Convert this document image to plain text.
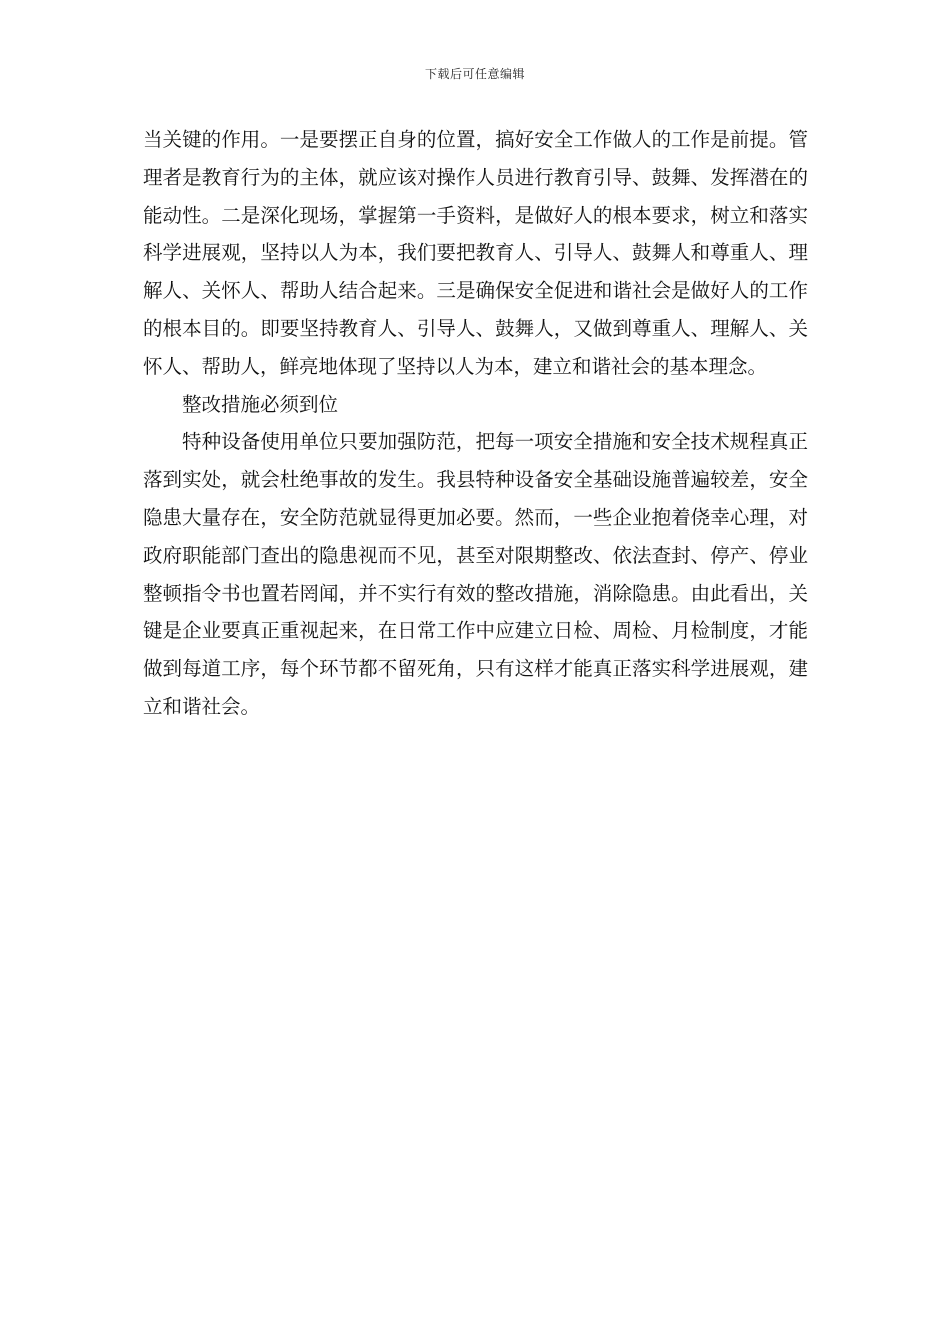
下载后可任意编辑

当关键的作用。一是要摆正自身的位置，搞好安全工作做人的工作是前提。管理者是教育行为的主体，就应该对操作人员进行教育引导、鼓舞、发挥潜在的能动性。二是深化现场，掌握第一手资料，是做好人的根本要求，树立和落实科学进展观，坚持以人为本，我们要把教育人、引导人、鼓舞人和尊重人、理解人、关怀人、帮助人结合起来。三是确保安全促进和谐社会是做好人的工作的根本目的。即要坚持教育人、引导人、鼓舞人，又做到尊重人、理解人、关怀人、帮助人，鲜亮地体现了坚持以人为本，建立和谐社会的基本理念。

整改措施必须到位

特种设备使用单位只要加强防范，把每一项安全措施和安全技术规程真正落到实处，就会杜绝事故的发生。我县特种设备安全基础设施普遍较差，安全隐患大量存在，安全防范就显得更加必要。然而，一些企业抱着侥幸心理，对政府职能部门查出的隐患视而不见，甚至对限期整改、依法查封、停产、停业整顿指令书也置若罔闻，并不实行有效的整改措施，消除隐患。由此看出，关键是企业要真正重视起来，在日常工作中应建立日检、周检、月检制度，才能做到每道工序，每个环节都不留死角，只有这样才能真正落实科学进展观，建立和谐社会。
